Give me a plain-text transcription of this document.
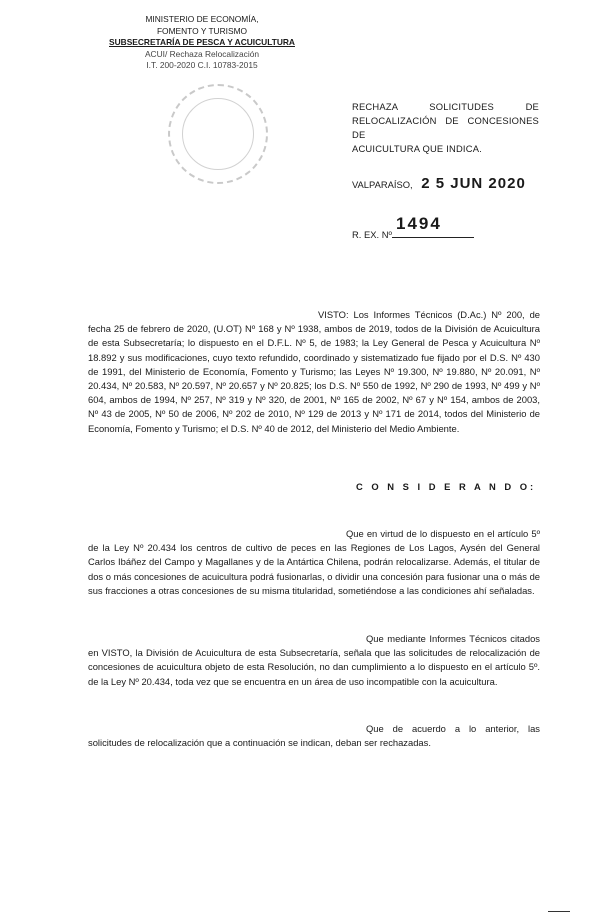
MINISTERIO DE ECONOMÍA,
FOMENTO Y TURISMO
SUBSECRETARÍA DE PESCA Y ACUICULTURA
ACUI/ Rechaza Relocalización
I.T. 200-2020 C.I. 10783-2015
RECHAZA SOLICITUDES DE
RELOCALIZACIÓN DE CONCESIONES DE
ACUICULTURA QUE INDICA.
VALPARAÍSO, 2 5 JUN 2020
1494
R. EX. Nº
VISTO: Los Informes Técnicos (D.Ac.) Nº 200, de fecha 25 de febrero de 2020, (U.OT) Nº 168 y Nº 1938, ambos de 2019, todos de la División de Acuicultura de esta Subsecretaría; lo dispuesto en el D.F.L. Nº 5, de 1983; la Ley General de Pesca y Acuicultura Nº 18.892 y sus modificaciones, cuyo texto refundido, coordinado y sistematizado fue fijado por el D.S. Nº 430 de 1991, del Ministerio de Economía, Fomento y Turismo; las Leyes Nº 19.300, Nº 19.880, Nº 20.091, Nº 20.434, Nº 20.583, Nº 20.597, Nº 20.657 y Nº 20.825; los D.S. Nº 550 de 1992, Nº 290 de 1993, Nº 499 y Nº 604, ambos de 1994, Nº 257, Nº 319 y Nº 320, de 2001, Nº 165 de 2002, Nº 67 y Nº 154, ambos de 2003, Nº 43 de 2005, Nº 50 de 2006, Nº 202 de 2010, Nº 129 de 2013 y Nº 171 de 2014, todos del Ministerio de Economía, Fomento y Turismo; el D.S. Nº 40 de 2012, del Ministerio del Medio Ambiente.
C O N S I D E R A N D O:
Que en virtud de lo dispuesto en el artículo 5º de la Ley Nº 20.434 los centros de cultivo de peces en las Regiones de Los Lagos, Aysén del General Carlos Ibáñez del Campo y Magallanes y de la Antártica Chilena, podrán relocalizarse. Además, el titular de dos o más concesiones de acuicultura podrá fusionarlas, o dividir una concesión para fusionar una o más de sus fracciones a otras concesiones de su misma titularidad, sometiéndose a las condiciones ahí señaladas.
Que mediante Informes Técnicos citados en VISTO, la División de Acuicultura de esta Subsecretaría, señala que las solicitudes de relocalización de concesiones de acuicultura objeto de esta Resolución, no dan cumplimiento a lo dispuesto en el artículo 5º. de la Ley Nº 20.434, toda vez que se encuentra en un área de uso incompatible con la acuicultura.
Que de acuerdo a lo anterior, las solicitudes de relocalización que a continuación se indican, deban ser rechazadas.
